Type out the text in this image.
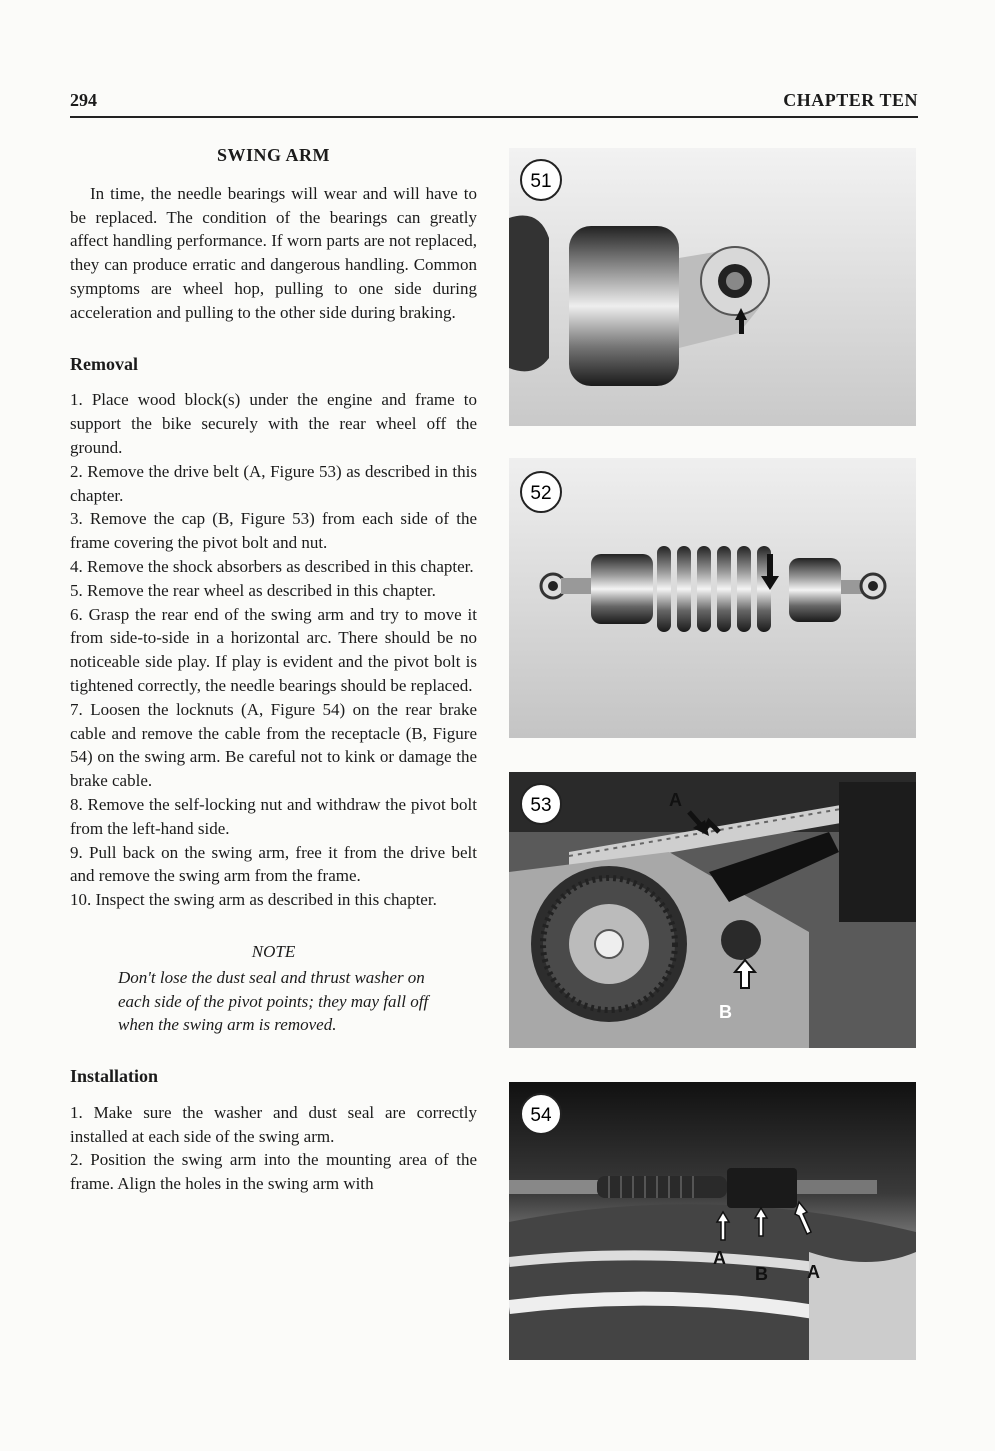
294	CHAPTER TEN

SWING ARM

In time, the needle bearings will wear and will have to be replaced. The condition of the bearings can greatly affect handling performance. If worn parts are not replaced, they can produce erratic and dangerous handling. Common symptoms are wheel hop, pulling to one side during acceleration and pulling to the other side during braking.

Removal

1. Place wood block(s) under the engine and frame to support the bike securely with the rear wheel off the ground.

2. Remove the drive belt (A, Figure 53) as described in this chapter.

3. Remove the cap (B, Figure 53) from each side of the frame covering the pivot bolt and nut.

4. Remove the shock absorbers as described in this chapter.

5. Remove the rear wheel as described in this chapter.

6. Grasp the rear end of the swing arm and try to move it from side-to-side in a horizontal arc. There should be no noticeable side play. If play is evident and the pivot bolt is tightened correctly, the needle bearings should be replaced.

7. Loosen the locknuts (A, Figure 54) on the rear brake cable and remove the cable from the receptacle (B, Figure 54) on the swing arm. Be careful not to kink or damage the brake cable.

8. Remove the self-locking nut and withdraw the pivot bolt from the left-hand side.

9. Pull back on the swing arm, free it from the drive belt and remove the swing arm from the frame.

10. Inspect the swing arm as described in this chapter.

NOTE

Don't lose the dust seal and thrust washer on each side of the pivot points; they may fall off when the swing arm is removed.

Installation

1. Make sure the washer and dust seal are correctly installed at each side of the swing arm.

2. Position the swing arm into the mounting area of the frame. Align the holes in the swing arm with

51
52
A
B
53
A
B A
54
